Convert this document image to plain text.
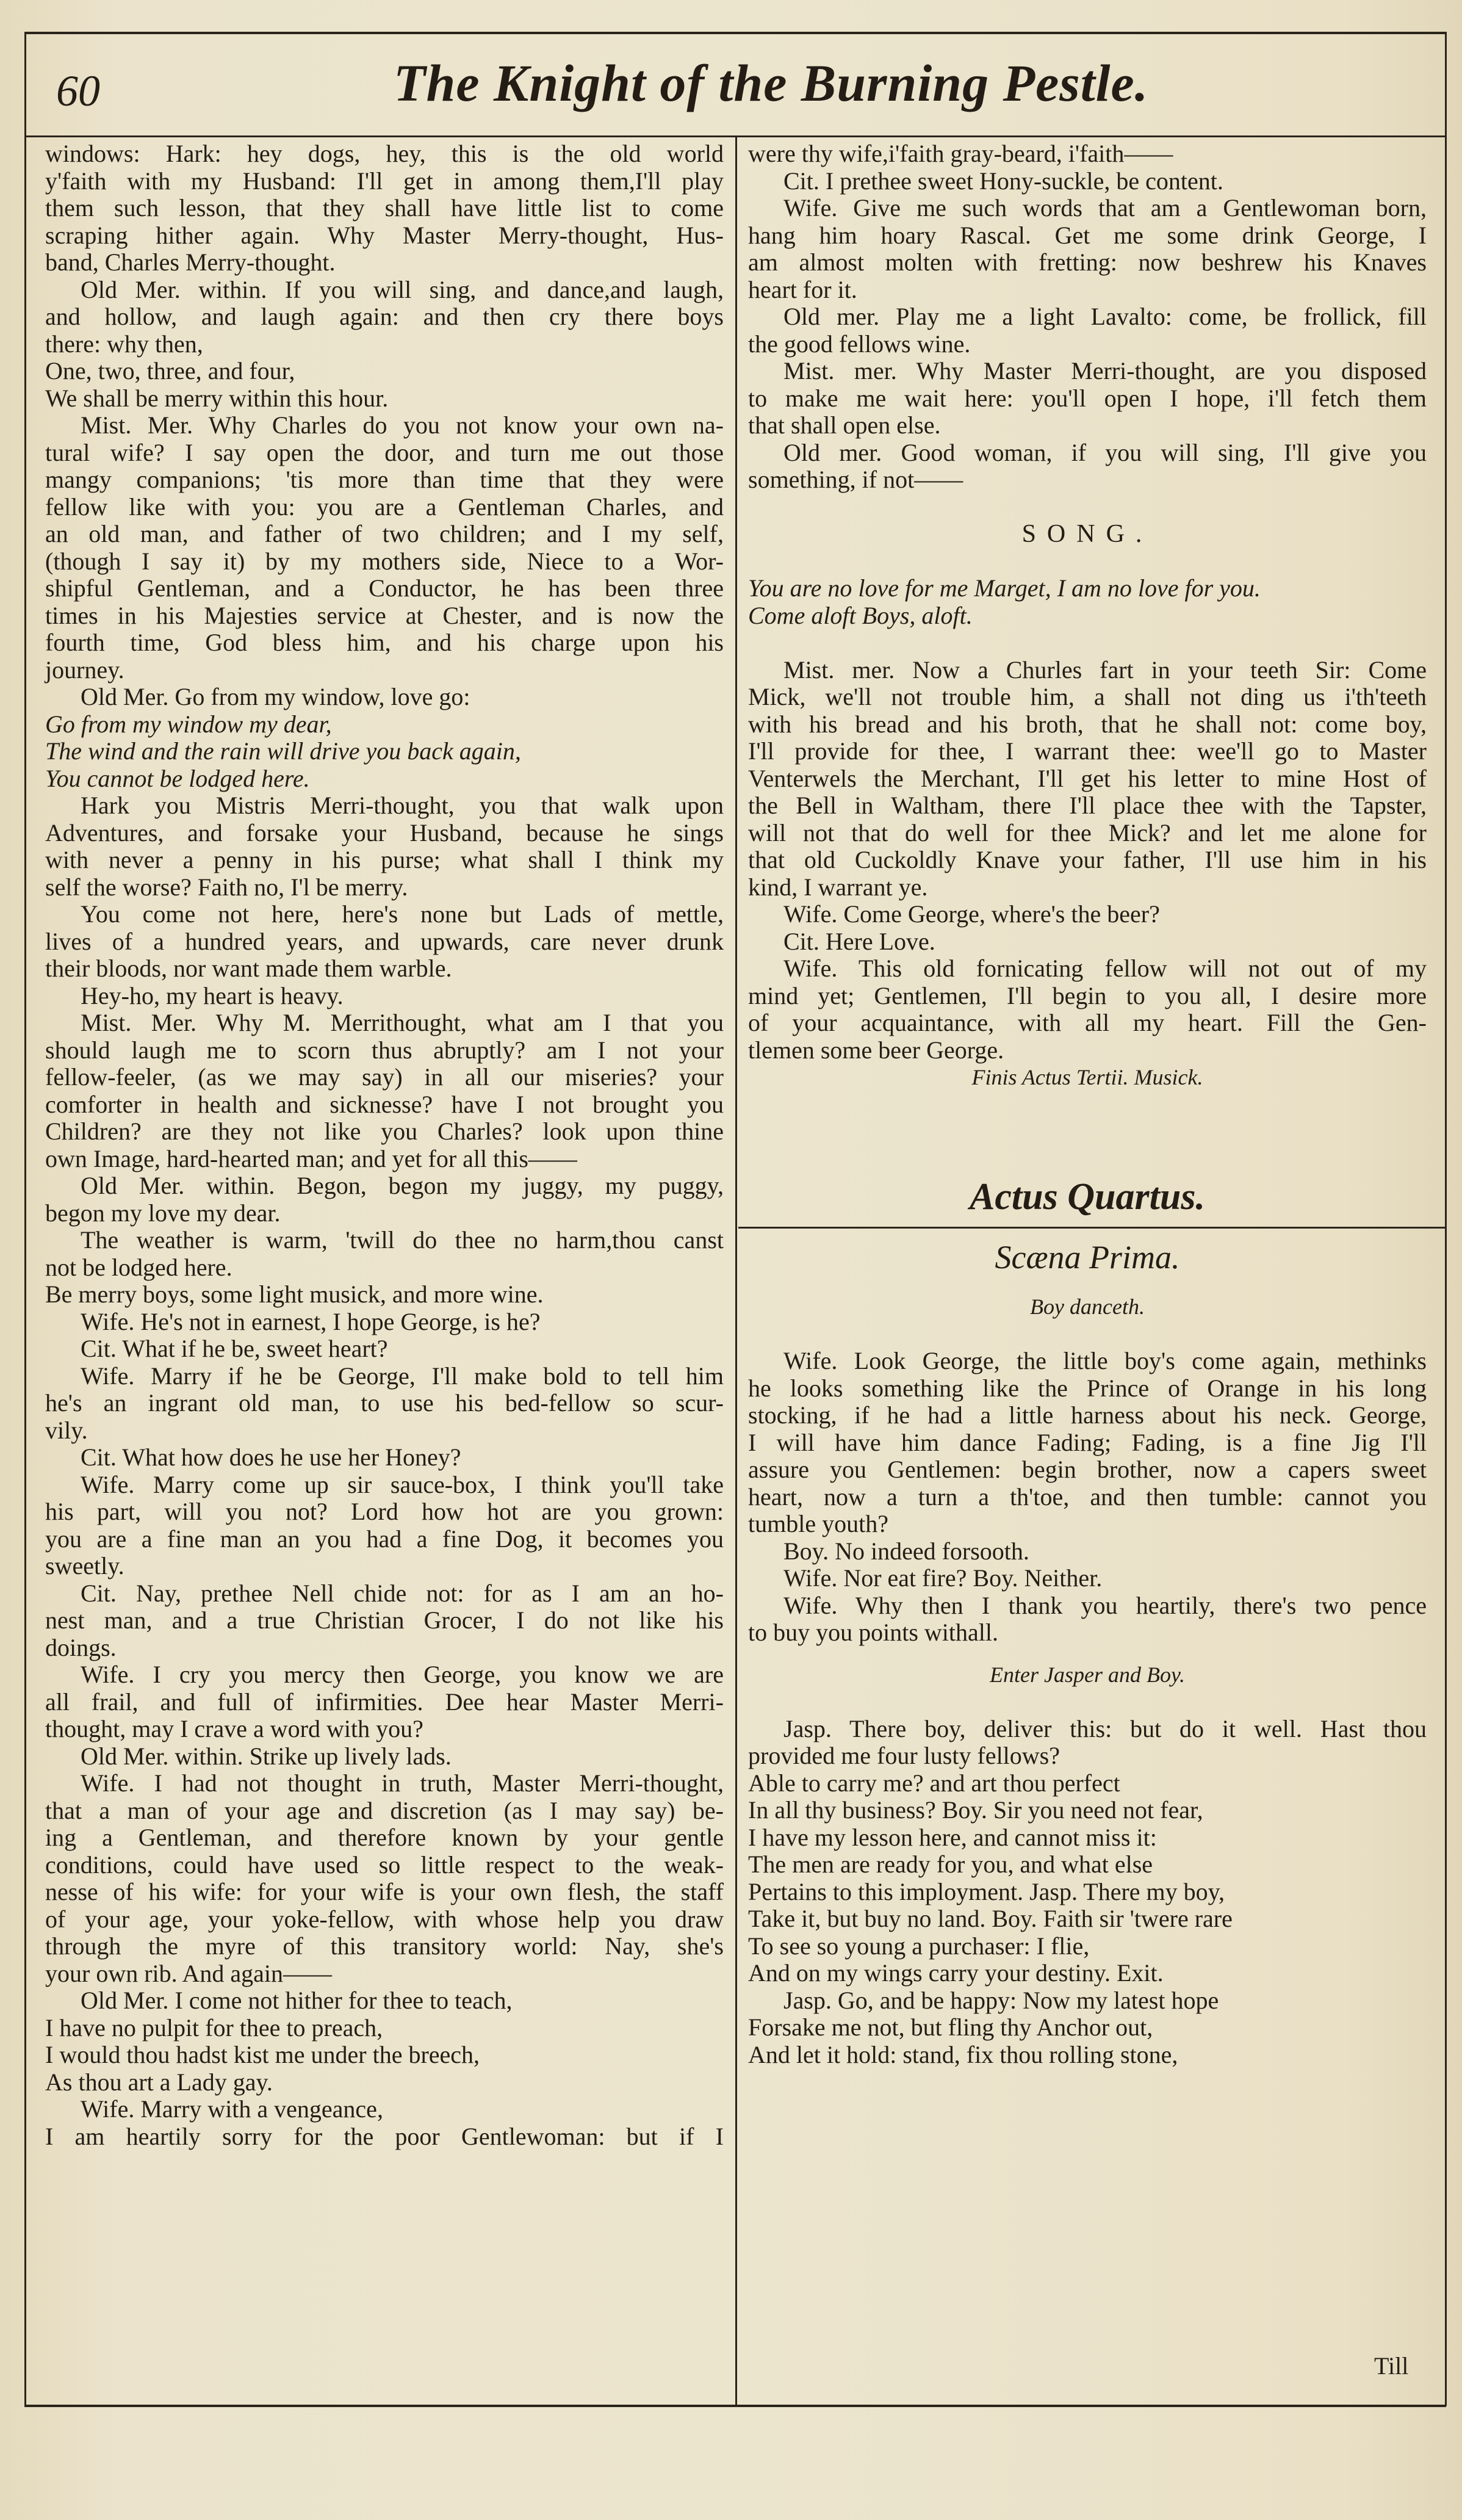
60	The Knight of the Burning Pestle.
windows: Hark: hey dogs, hey, this is the old world
y'faith with my Husband: I'll get in among them,I'll play
them such lesson, that they shall have little list to come
scraping hither again. Why Master Merry-thought, Hus-
band, Charles Merry-thought.
Old Mer. within. If you will sing, and dance,and laugh,
and hollow, and laugh again: and then cry there boys
there: why then,
One, two, three, and four,
We shall be merry within this hour.
Mist. Mer. Why Charles do you not know your own na-
tural wife? I say open the door, and turn me out those
mangy companions; 'tis more than time that they were
fellow like with you: you are a Gentleman Charles, and
an old man, and father of two children; and I my self,
(though I say it) by my mothers side, Niece to a Wor-
shipful Gentleman, and a Conductor, he has been three
times in his Majesties service at Chester, and is now the
fourth time, God bless him, and his charge upon his
journey.
Old Mer. Go from my window, love go:
Go from my window my dear,
The wind and the rain will drive you back again,
You cannot be lodged here.
Hark you Mistris Merri-thought, you that walk upon
Adventures, and forsake your Husband, because he sings
with never a penny in his purse; what shall I think my
self the worse? Faith no, I'l be merry.
You come not here, here's none but Lads of mettle,
lives of a hundred years, and upwards, care never drunk
their bloods, nor want made them warble.
Hey-ho, my heart is heavy.
Mist. Mer. Why M. Merrithought, what am I that you
should laugh me to scorn thus abruptly? am I not your
fellow-feeler, (as we may say) in all our miseries? your
comforter in health and sicknesse? have I not brought you
Children? are they not like you Charles? look upon thine
own Image, hard-hearted man; and yet for all this——
Old Mer. within. Begon, begon my juggy, my puggy,
begon my love my dear.
The weather is warm, 'twill do thee no harm,thou canst
not be lodged here.
Be merry boys, some light musick, and more wine.
Wife. He's not in earnest, I hope George, is he?
Cit. What if he be, sweet heart?
Wife. Marry if he be George, I'll make bold to tell him
he's an ingrant old man, to use his bed-fellow so scur-
vily.
Cit. What how does he use her Honey?
Wife. Marry come up sir sauce-box, I think you'll take
his part, will you not? Lord how hot are you grown:
you are a fine man an you had a fine Dog, it becomes you
sweetly.
Cit. Nay, prethee Nell chide not: for as I am an ho-
nest man, and a true Christian Grocer, I do not like his
doings.
Wife. I cry you mercy then George, you know we are
all frail, and full of infirmities. Dee hear Master Merri-
thought, may I crave a word with you?
Old Mer. within. Strike up lively lads.
Wife. I had not thought in truth, Master Merri-thought,
that a man of your age and discretion (as I may say) be-
ing a Gentleman, and therefore known by your gentle
conditions, could have used so little respect to the weak-
nesse of his wife: for your wife is your own flesh, the staff
of your age, your yoke-fellow, with whose help you draw
through the myre of this transitory world: Nay, she's
your own rib. And again——
Old Mer. I come not hither for thee to teach,
I have no pulpit for thee to preach,
I would thou hadst kist me under the breech,
As thou art a Lady gay.
Wife. Marry with a vengeance,
I am heartily sorry for the poor Gentlewoman: but if I
were thy wife,i'faith gray-beard, i'faith——
Cit. I prethee sweet Hony-suckle, be content.
Wife. Give me such words that am a Gentlewoman born,
hang him hoary Rascal. Get me some drink George, I
am almost molten with fretting: now beshrew his Knaves
heart for it.
Old mer. Play me a light Lavalto: come, be frollick, fill
the good fellows wine.
Mist. mer. Why Master Merri-thought, are you disposed
to make me wait here: you'll open I hope, i'll fetch them
that shall open else.
Old mer. Good woman, if you will sing, I'll give you
something, if not——
SONG.
You are no love for me Marget, I am no love for you.
Come aloft Boys, aloft.
Mist. mer. Now a Churles fart in your teeth Sir: Come
Mick, we'll not trouble him, a shall not ding us i'th'teeth
with his bread and his broth, that he shall not: come boy,
I'll provide for thee, I warrant thee: wee'll go to Master
Venterwels the Merchant, I'll get his letter to mine Host of
the Bell in Waltham, there I'll place thee with the Tapster,
will not that do well for thee Mick? and let me alone for
that old Cuckoldly Knave your father, I'll use him in his
kind, I warrant ye.
Wife. Come George, where's the beer?
Cit. Here Love.
Wife. This old fornicating fellow will not out of my
mind yet; Gentlemen, I'll begin to you all, I desire more
of your acquaintance, with all my heart. Fill the Gen-
tlemen some beer George.
Finis Actus Tertii. Musick.
Actus Quartus.
Scæna Prima.
Boy danceth.
Wife. Look George, the little boy's come again, methinks
he looks something like the Prince of Orange in his long
stocking, if he had a little harness about his neck. George,
I will have him dance Fading; Fading, is a fine Jig I'll
assure you Gentlemen: begin brother, now a capers sweet
heart, now a turn a th'toe, and then tumble: cannot you
tumble youth?
Boy. No indeed forsooth.
Wife. Nor eat fire? Boy. Neither.
Wife. Why then I thank you heartily, there's two pence
to buy you points withall.
Enter Jasper and Boy.
Jasp. There boy, deliver this: but do it well. Hast thou
provided me four lusty fellows?
Able to carry me? and art thou perfect
In all thy business? Boy. Sir you need not fear,
I have my lesson here, and cannot miss it:
The men are ready for you, and what else
Pertains to this imployment. Jasp. There my boy,
Take it, but buy no land. Boy. Faith sir 'twere rare
To see so young a purchaser: I flie,
And on my wings carry your destiny. Exit.
Jasp. Go, and be happy: Now my latest hope
Forsake me not, but fling thy Anchor out,
And let it hold: stand, fix thou rolling stone,
Till
